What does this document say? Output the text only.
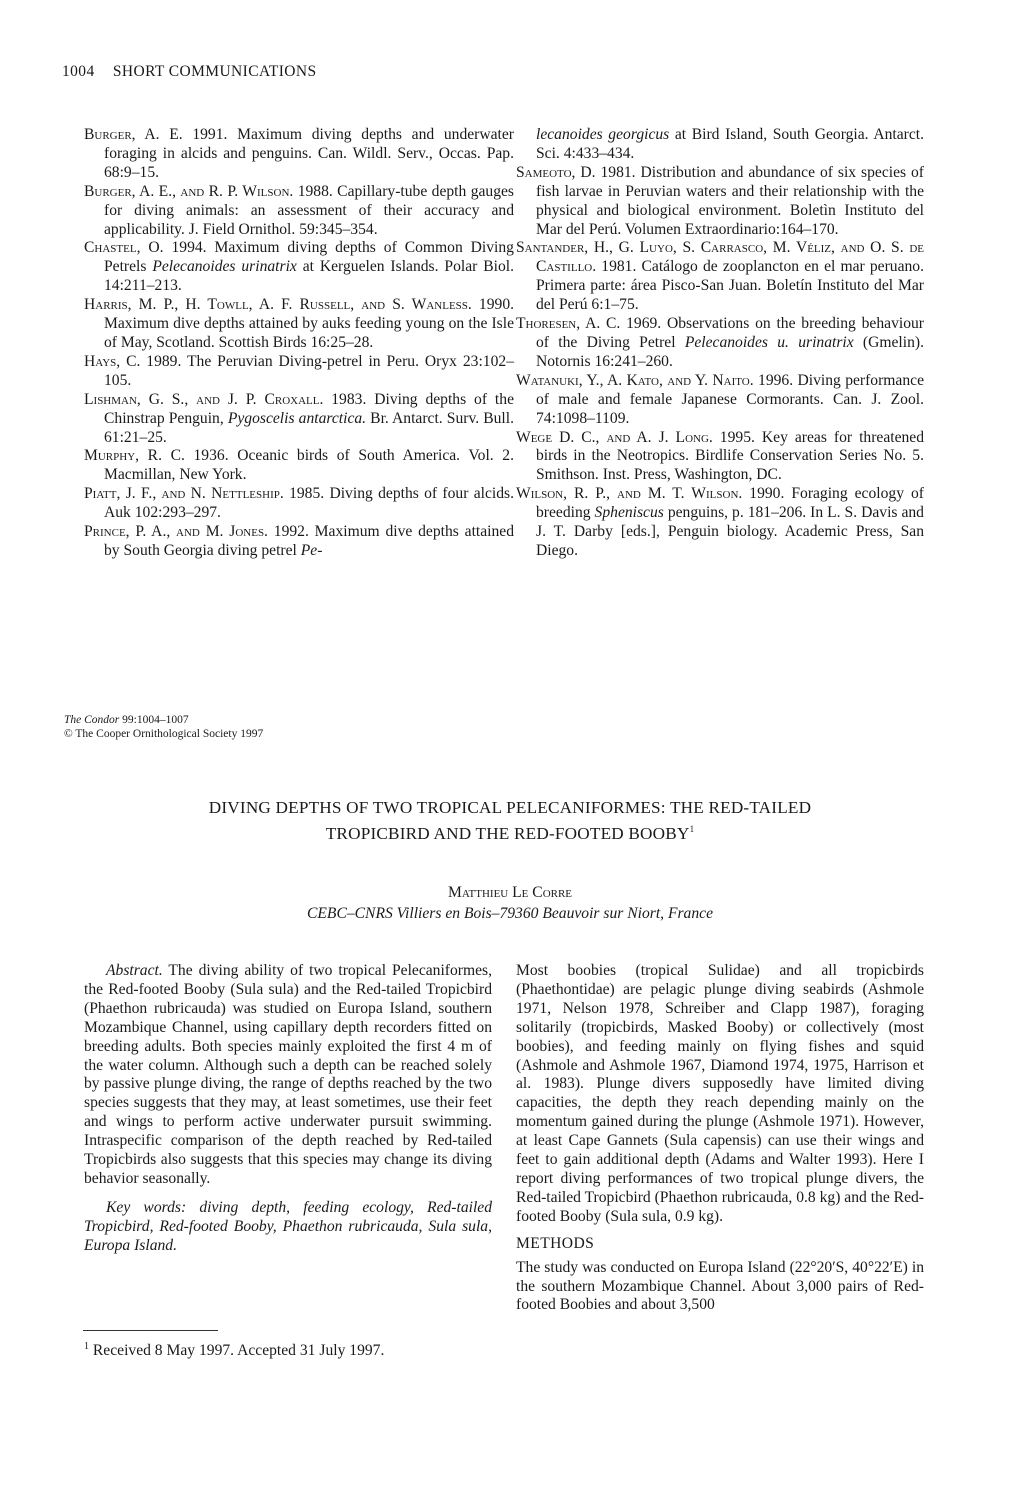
1004 SHORT COMMUNICATIONS
Burger, A. E. 1991. Maximum diving depths and underwater foraging in alcids and penguins. Can. Wildl. Serv., Occas. Pap. 68:9–15.
Burger, A. E., and R. P. Wilson. 1988. Capillary-tube depth gauges for diving animals: an assessment of their accuracy and applicability. J. Field Ornithol. 59:345–354.
Chastel, O. 1994. Maximum diving depths of Common Diving Petrels Pelecanoides urinatrix at Kerguelen Islands. Polar Biol. 14:211–213.
Harris, M. P., H. Towll, A. F. Russell, and S. Wanless. 1990. Maximum dive depths attained by auks feeding young on the Isle of May, Scotland. Scottish Birds 16:25–28.
Hays, C. 1989. The Peruvian Diving-petrel in Peru. Oryx 23:102–105.
Lishman, G. S., and J. P. Croxall. 1983. Diving depths of the Chinstrap Penguin, Pygoscelis antarctica. Br. Antarct. Surv. Bull. 61:21–25.
Murphy, R. C. 1936. Oceanic birds of South America. Vol. 2. Macmillan, New York.
Piatt, J. F., and N. Nettleship. 1985. Diving depths of four alcids. Auk 102:293–297.
Prince, P. A., and M. Jones. 1992. Maximum dive depths attained by South Georgia diving petrel Pe-
lecanoides georgicus at Bird Island, South Georgia. Antarct. Sci. 4:433–434.
Sameoto, D. 1981. Distribution and abundance of six species of fish larvae in Peruvian waters and their relationship with the physical and biological environment. Boletìn Instituto del Mar del Perú. Volumen Extraordinario:164–170.
Santander, H., G. Luyo, S. Carrasco, M. Véliz, and O. S. de Castillo. 1981. Catálogo de zooplancton en el mar peruano. Primera parte: área Pisco-San Juan. Boletín Instituto del Mar del Perú 6:1–75.
Thoresen, A. C. 1969. Observations on the breeding behaviour of the Diving Petrel Pelecanoides u. urinatrix (Gmelin). Notornis 16:241–260.
Watanuki, Y., A. Kato, and Y. Naito. 1996. Diving performance of male and female Japanese Cormorants. Can. J. Zool. 74:1098–1109.
Wege D. C., and A. J. Long. 1995. Key areas for threatened birds in the Neotropics. Birdlife Conservation Series No. 5. Smithson. Inst. Press, Washington, DC.
Wilson, R. P., and M. T. Wilson. 1990. Foraging ecology of breeding Spheniscus penguins, p. 181–206. In L. S. Davis and J. T. Darby [eds.], Penguin biology. Academic Press, San Diego.
The Condor 99:1004–1007
© The Cooper Ornithological Society 1997
DIVING DEPTHS OF TWO TROPICAL PELECANIFORMES: THE RED-TAILED
TROPICBIRD AND THE RED-FOOTED BOOBY$^1$
Matthieu Le Corre
CEBC–CNRS Villiers en Bois–79360 Beauvoir sur Niort, France
Abstract. The diving ability of two tropical Pelecaniformes, the Red-footed Booby (Sula sula) and the Red-tailed Tropicbird (Phaethon rubricauda) was studied on Europa Island, southern Mozambique Channel, using capillary depth recorders fitted on breeding adults. Both species mainly exploited the first 4 m of the water column. Although such a depth can be reached solely by passive plunge diving, the range of depths reached by the two species suggests that they may, at least sometimes, use their feet and wings to perform active underwater pursuit swimming. Intraspecific comparison of the depth reached by Red-tailed Tropicbirds also suggests that this species may change its diving behavior seasonally.
Key words: diving depth, feeding ecology, Red-tailed Tropicbird, Red-footed Booby, Phaethon rubricauda, Sula sula, Europa Island.
$^1$ Received 8 May 1997. Accepted 31 July 1997.
Most boobies (tropical Sulidae) and all tropicbirds (Phaethontidae) are pelagic plunge diving seabirds (Ashmole 1971, Nelson 1978, Schreiber and Clapp 1987), foraging solitarily (tropicbirds, Masked Booby) or collectively (most boobies), and feeding mainly on flying fishes and squid (Ashmole and Ashmole 1967, Diamond 1974, 1975, Harrison et al. 1983). Plunge divers supposedly have limited diving capacities, the depth they reach depending mainly on the momentum gained during the plunge (Ashmole 1971). However, at least Cape Gannets (Sula capensis) can use their wings and feet to gain additional depth (Adams and Walter 1993). Here I report diving performances of two tropical plunge divers, the Red-tailed Tropicbird (Phaethon rubricauda, 0.8 kg) and the Red-footed Booby (Sula sula, 0.9 kg).
METHODS
The study was conducted on Europa Island (22°20′S, 40°22′E) in the southern Mozambique Channel. About 3,000 pairs of Red-footed Boobies and about 3,500
